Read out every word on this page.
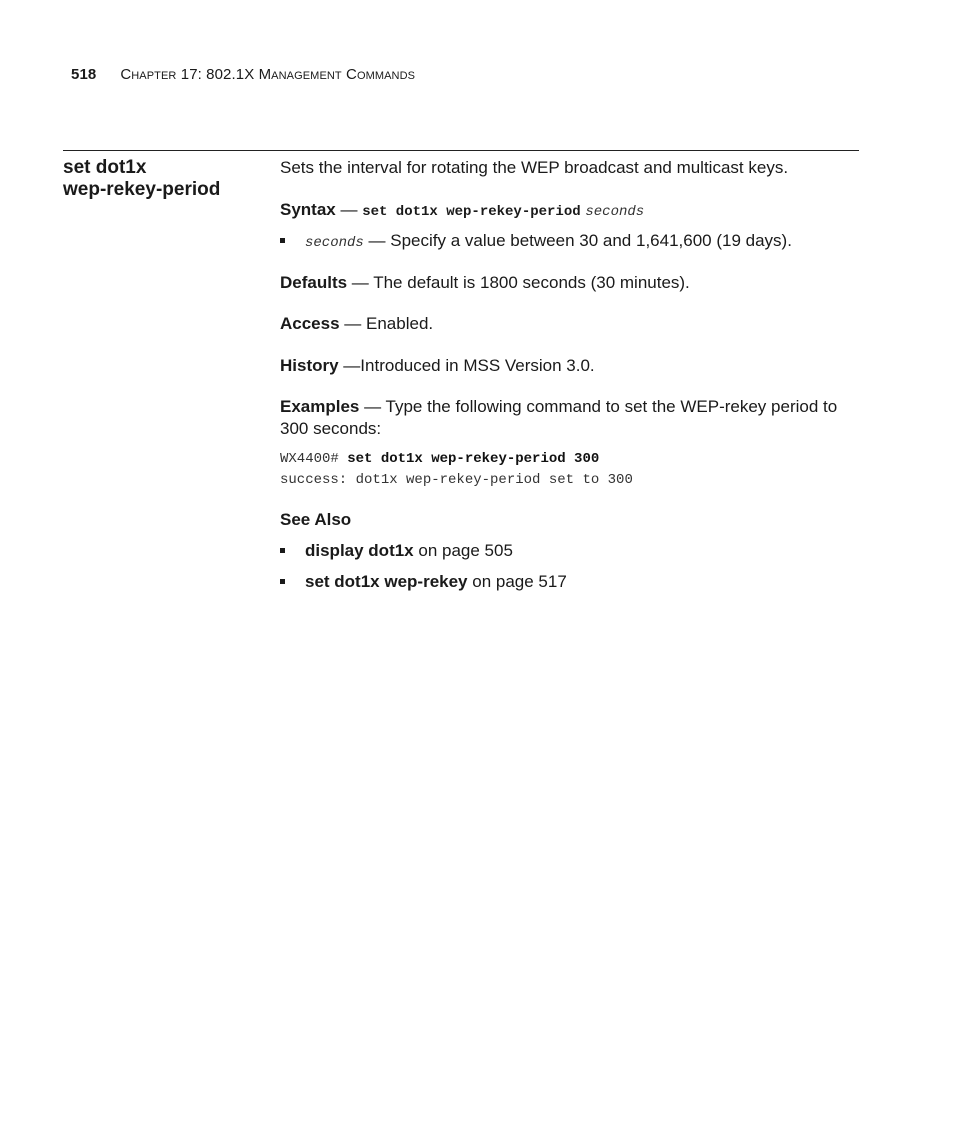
518 Chapter 17: 802.1X Management Commands
set dot1x
wep-rekey-period

Sets the interval for rotating the WEP broadcast and multicast keys.

Syntax — set dot1x wep-rekey-period seconds

seconds — Specify a value between 30 and 1,641,600 (19 days).

Defaults — The default is 1800 seconds (30 minutes).

Access — Enabled.

History —Introduced in MSS Version 3.0.

Examples — Type the following command to set the WEP-rekey period to 300 seconds:

WX4400# set dot1x wep-rekey-period 300
success: dot1x wep-rekey-period set to 300

See Also

display dot1x on page 505
set dot1x wep-rekey on page 517
